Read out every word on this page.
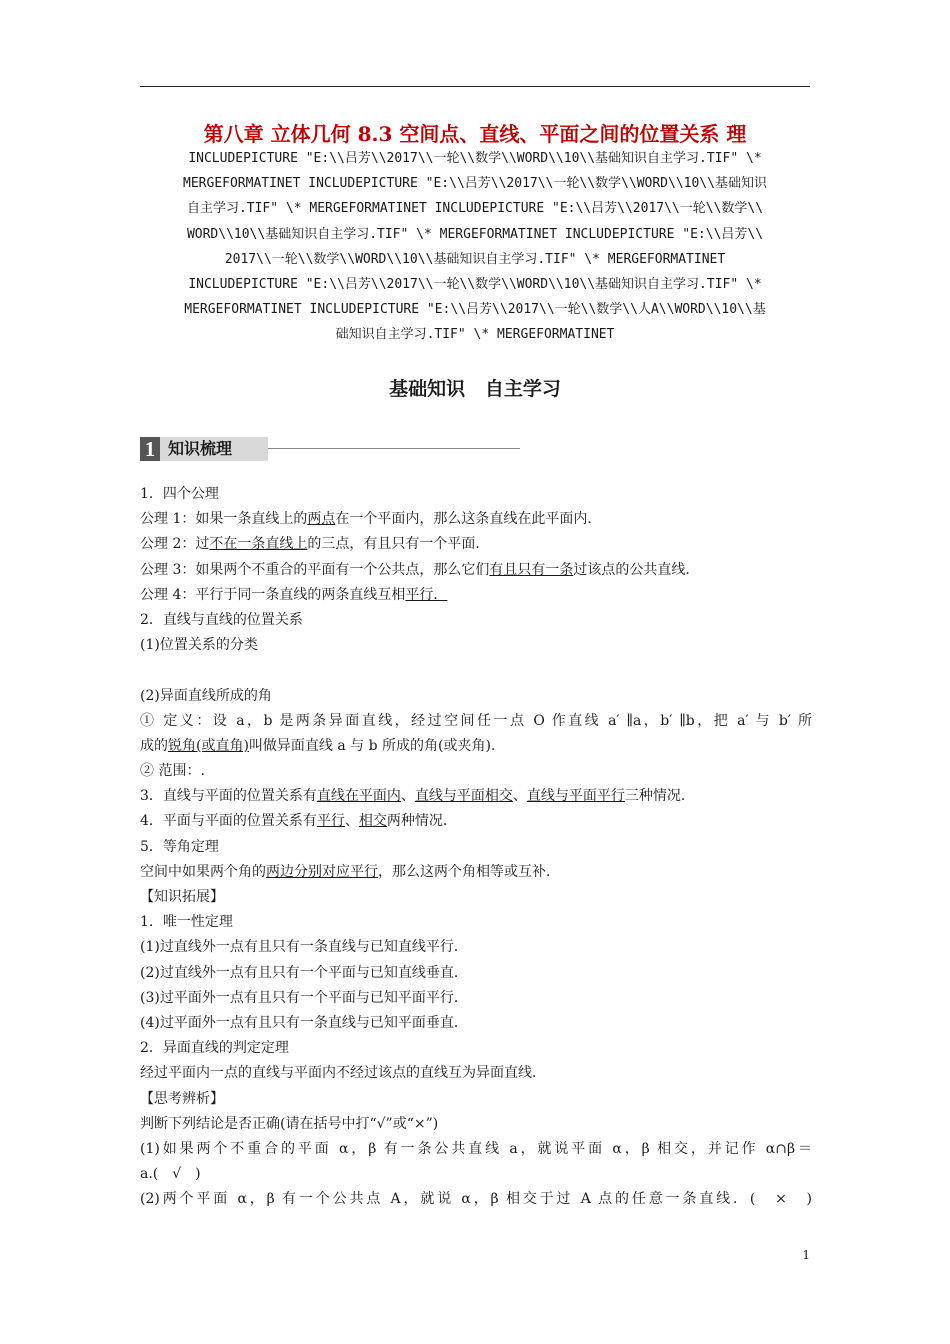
第八章 立体几何 8.3 空间点、直线、平面之间的位置关系 理
INCLUDEPICTURE "E:\\吕芳\\2017\\一轮\\数学\\WORD\\10\\基础知识自主学习.TIF" \*
MERGEFORMATINET INCLUDEPICTURE "E:\\吕芳\\2017\\一轮\\数学\\WORD\\10\\基础知识
自主学习.TIF" \* MERGEFORMATINET INCLUDEPICTURE "E:\\吕芳\\2017\\一轮\\数学\\
WORD\\10\\基础知识自主学习.TIF" \* MERGEFORMATINET INCLUDEPICTURE "E:\\吕芳\\
2017\\一轮\\数学\\WORD\\10\\基础知识自主学习.TIF" \* MERGEFORMATINET
INCLUDEPICTURE "E:\\吕芳\\2017\\一轮\\数学\\WORD\\10\\基础知识自主学习.TIF" \*
MERGEFORMATINET INCLUDEPICTURE "E:\\吕芳\\2017\\一轮\\数学\\人A\\WORD\\10\\基
础知识自主学习.TIF" \* MERGEFORMATINET
基础知识   自主学习
1 知识梳理
1．四个公理
公理 1：如果一条直线上的两点在一个平面内，那么这条直线在此平面内．
公理 2：过不在一条直线上的三点，有且只有一个平面．
公理 3：如果两个不重合的平面有一个公共点，那么它们有且只有一条过该点的公共直线．
公理 4：平行于同一条直线的两条直线互相平行．
2．直线与直线的位置关系
(1)位置关系的分类
(2)异面直线所成的角
① 定义：设 a，b 是两条异面直线，经过空间任一点 O 作直线 a′ ∥a，b′ ∥b，把 a′ 与 b′ 所
成的锐角(或直角)叫做异面直线 a 与 b 所成的角(或夹角)．
② 范围：.
3．直线与平面的位置关系有直线在平面内、直线与平面相交、直线与平面平行三种情况．
4．平面与平面的位置关系有平行、相交两种情况．
5．等角定理
空间中如果两个角的两边分别对应平行，那么这两个角相等或互补．
【知识拓展】
1．唯一性定理
(1)过直线外一点有且只有一条直线与已知直线平行．
(2)过直线外一点有且只有一个平面与已知直线垂直．
(3)过平面外一点有且只有一个平面与已知平面平行．
(4)过平面外一点有且只有一条直线与已知平面垂直．
2．异面直线的判定定理
经过平面内一点的直线与平面内不经过该点的直线互为异面直线．
【思考辨析】
判断下列结论是否正确(请在括号中打“√”或“×”)
(1)如果两个不重合的平面 α，β 有一条公共直线 a，就说平面 α，β 相交，并记作 α∩β＝
a.(　√　)
(2)两个平面 α，β 有一个公共点 A，就说 α，β 相交于过 A 点的任意一条直线．(　×　)
1
